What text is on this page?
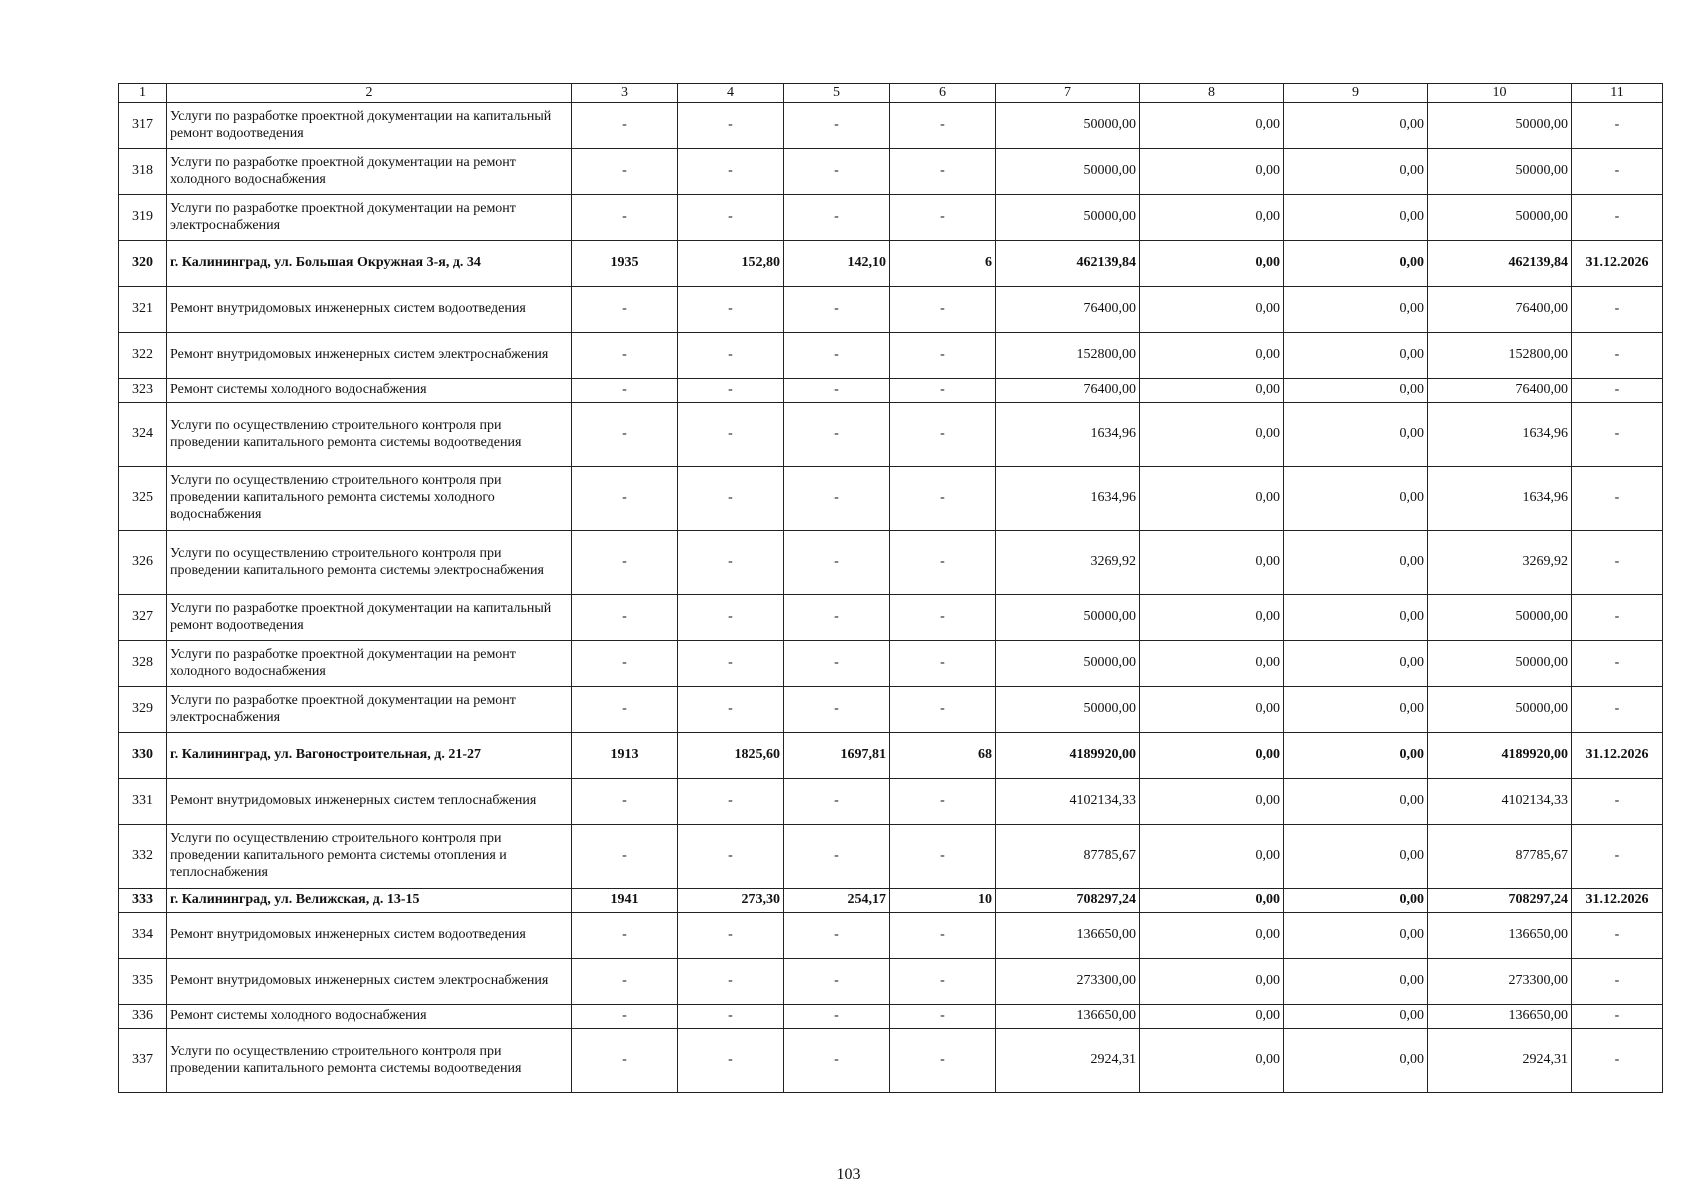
1	2	3	4	5	6	7	8	9	10	11
317	Услуги по разработке проектной документации на капитальный ремонт водоотведения	-	-	-	-	50000,00	0,00	0,00	50000,00	-
318	Услуги по разработке проектной документации на ремонт холодного водоснабжения	-	-	-	-	50000,00	0,00	0,00	50000,00	-
319	Услуги по разработке проектной документации на ремонт электроснабжения	-	-	-	-	50000,00	0,00	0,00	50000,00	-
320	г. Калининград, ул. Большая Окружная 3-я, д. 34	1935	152,80	142,10	6	462139,84	0,00	0,00	462139,84	31.12.2026
321	Ремонт внутридомовых инженерных систем водоотведения	-	-	-	-	76400,00	0,00	0,00	76400,00	-
322	Ремонт внутридомовых инженерных систем электроснабжения	-	-	-	-	152800,00	0,00	0,00	152800,00	-
323	Ремонт системы холодного водоснабжения	-	-	-	-	76400,00	0,00	0,00	76400,00	-
324	Услуги по осуществлению строительного контроля при проведении капитального ремонта системы водоотведения	-	-	-	-	1634,96	0,00	0,00	1634,96	-
325	Услуги по осуществлению строительного контроля при проведении капитального ремонта системы холодного водоснабжения	-	-	-	-	1634,96	0,00	0,00	1634,96	-
326	Услуги по осуществлению строительного контроля при проведении капитального ремонта системы электроснабжения	-	-	-	-	3269,92	0,00	0,00	3269,92	-
327	Услуги по разработке проектной документации на капитальный ремонт водоотведения	-	-	-	-	50000,00	0,00	0,00	50000,00	-
328	Услуги по разработке проектной документации на ремонт холодного водоснабжения	-	-	-	-	50000,00	0,00	0,00	50000,00	-
329	Услуги по разработке проектной документации на ремонт электроснабжения	-	-	-	-	50000,00	0,00	0,00	50000,00	-
330	г. Калининград, ул. Вагоностроительная, д. 21-27	1913	1825,60	1697,81	68	4189920,00	0,00	0,00	4189920,00	31.12.2026
331	Ремонт внутридомовых инженерных систем теплоснабжения	-	-	-	-	4102134,33	0,00	0,00	4102134,33	-
332	Услуги по осуществлению строительного контроля при проведении капитального ремонта системы отопления и теплоснабжения	-	-	-	-	87785,67	0,00	0,00	87785,67	-
333	г. Калининград, ул. Велижская, д. 13-15	1941	273,30	254,17	10	708297,24	0,00	0,00	708297,24	31.12.2026
334	Ремонт внутридомовых инженерных систем водоотведения	-	-	-	-	136650,00	0,00	0,00	136650,00	-
335	Ремонт внутридомовых инженерных систем электроснабжения	-	-	-	-	273300,00	0,00	0,00	273300,00	-
336	Ремонт системы холодного водоснабжения	-	-	-	-	136650,00	0,00	0,00	136650,00	-
337	Услуги по осуществлению строительного контроля при проведении капитального ремонта системы водоотведения	-	-	-	-	2924,31	0,00	0,00	2924,31	-
103
